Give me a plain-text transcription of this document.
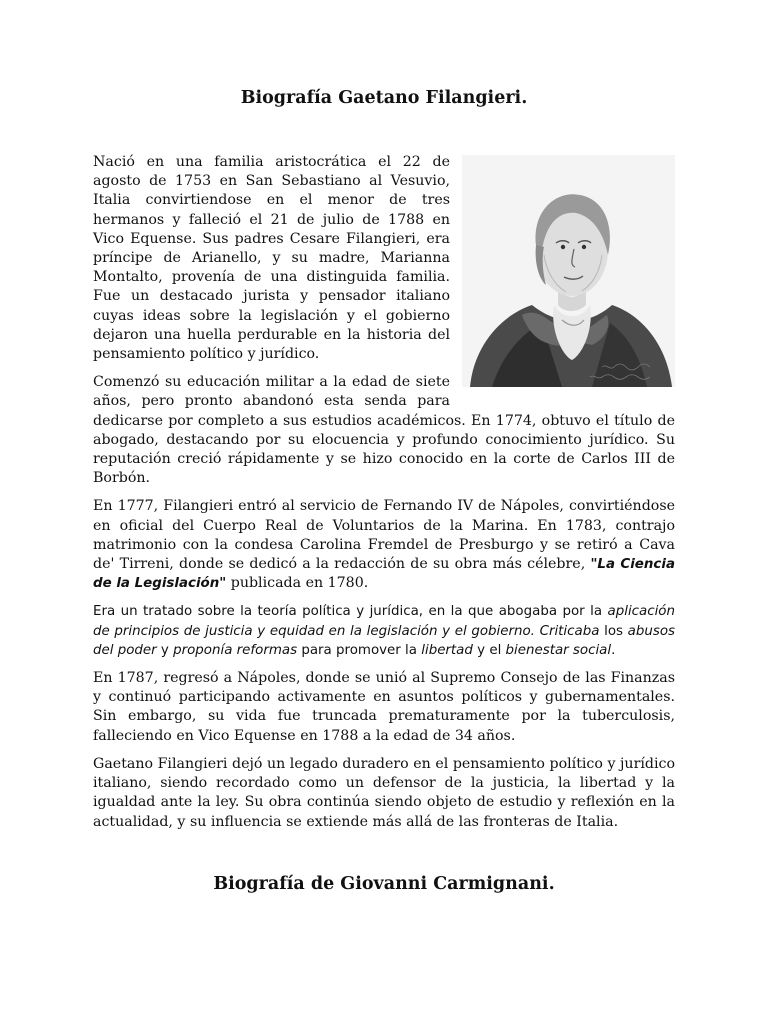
Biografía Gaetano Filangieri.

Nació en una familia aristocrática el 22 de agosto de 1753 en San Sebastiano al Vesuvio, Italia convirtiendose en el menor de tres hermanos y falleció el 21 de julio de 1788 en Vico Equense. Sus padres Cesare Filangieri, era príncipe de Arianello, y su madre, Marianna Montalto, provenía de una distinguida familia. Fue un destacado jurista y pensador italiano cuyas ideas sobre la legislación y el gobierno dejaron una huella perdurable en la historia del pensamiento político y jurídico.

Comenzó su educación militar a la edad de siete años, pero pronto abandonó esta senda para dedicarse por completo a sus estudios académicos. En 1774, obtuvo el título de abogado, destacando por su elocuencia y profundo conocimiento jurídico. Su reputación creció rápidamente y se hizo conocido en la corte de Carlos III de Borbón.

En 1777, Filangieri entró al servicio de Fernando IV de Nápoles, convirtiéndose en oficial del Cuerpo Real de Voluntarios de la Marina. En 1783, contrajo matrimonio con la condesa Carolina Fremdel de Presburgo y se retiró a Cava de' Tirreni, donde se dedicó a la redacción de su obra más célebre, "La Ciencia de la Legislación" publicada en 1780.

Era un tratado sobre la teoría política y jurídica, en la que abogaba por la aplicación de principios de justicia y equidad en la legislación y el gobierno. Criticaba los abusos del poder y proponía reformas para promover la libertad y el bienestar social.

En 1787, regresó a Nápoles, donde se unió al Supremo Consejo de las Finanzas y continuó participando activamente en asuntos políticos y gubernamentales. Sin embargo, su vida fue truncada prematuramente por la tuberculosis, falleciendo en Vico Equense en 1788 a la edad de 34 años.

Gaetano Filangieri dejó un legado duradero en el pensamiento político y jurídico italiano, siendo recordado como un defensor de la justicia, la libertad y la igualdad ante la ley. Su obra continúa siendo objeto de estudio y reflexión en la actualidad, y su influencia se extiende más allá de las fronteras de Italia.

Biografía de Giovanni Carmignani.
